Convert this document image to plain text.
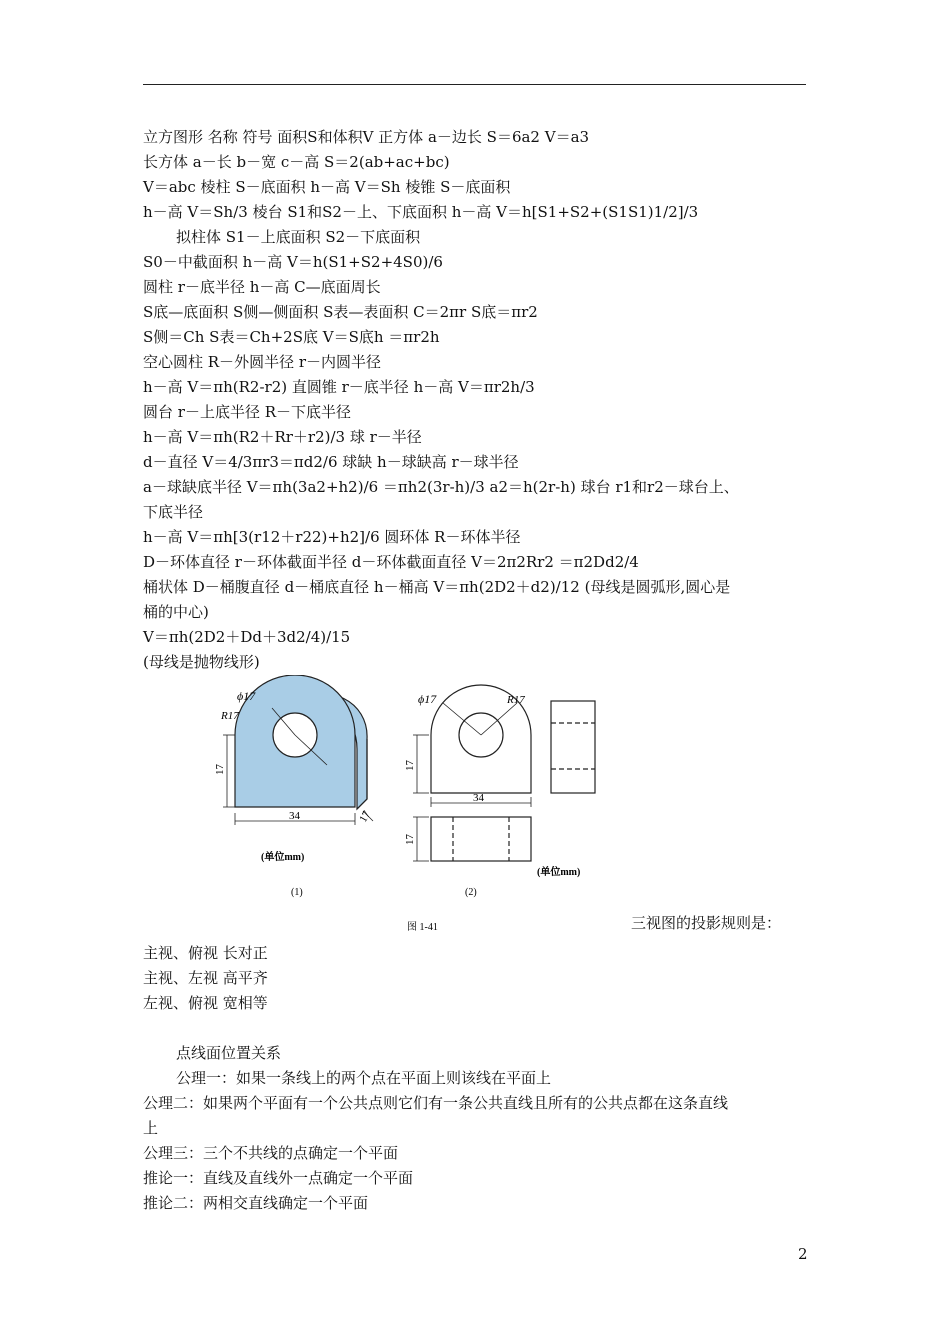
立方图形 名称 符号 面积S和体积V 正方体 a－边长 S＝6a2 V＝a3

长方体 a－长 b－宽 c－高 S＝2(ab+ac+bc)

V＝abc 棱柱 S－底面积 h－高 V＝Sh 棱锥 S－底面积

h－高 V＝Sh/3 棱台 S1和S2－上、下底面积 h－高 V＝h[S1+S2+(S1S1)1/2]/3

拟柱体 S1－上底面积 S2－下底面积

S0－中截面积 h－高 V＝h(S1+S2+4S0)/6

圆柱 r－底半径 h－高 C—底面周长

S底—底面积 S侧—侧面积 S表—表面积 C＝2πr S底＝πr2

S侧＝Ch S表＝Ch+2S底 V＝S底h ＝πr2h

空心圆柱 R－外圆半径 r－内圆半径

h－高 V＝πh(R2-r2) 直圆锥 r－底半径 h－高 V＝πr2h/3

圆台 r－上底半径 R－下底半径

h－高 V＝πh(R2＋Rr＋r2)/3 球 r－半径

d－直径 V＝4/3πr3＝πd2/6 球缺 h－球缺高 r－球半径

a－球缺底半径 V＝πh(3a2+h2)/6 ＝πh2(3r-h)/3 a2＝h(2r-h) 球台 r1和r2－球台上、

下底半径

h－高 V＝πh[3(r12＋r22)+h2]/6 圆环体 R－环体半径

D－环体直径 r－环体截面半径 d－环体截面直径 V＝2π2Rr2 ＝π2Dd2/4

桶状体 D－桶腹直径 d－桶底直径 h－桶高 V＝πh(2D2＋d2)/12 (母线是圆弧形,圆心是

桶的中心)

V＝πh(2D2＋Dd＋3d2/4)/15

(母线是抛物线形)

ϕ17
R17
17
34	17
(单位mm)
(1)
ϕ17	R17
17
34
17
(单位mm)
(2)
图 1-41	三视图的投影规则是：

主视、俯视 长对正

主视、左视 高平齐

左视、俯视 宽相等

点线面位置关系

公理一：如果一条线上的两个点在平面上则该线在平面上

公理二：如果两个平面有一个公共点则它们有一条公共直线且所有的公共点都在这条直线

上

公理三：三个不共线的点确定一个平面

推论一：直线及直线外一点确定一个平面

推论二：两相交直线确定一个平面

2
